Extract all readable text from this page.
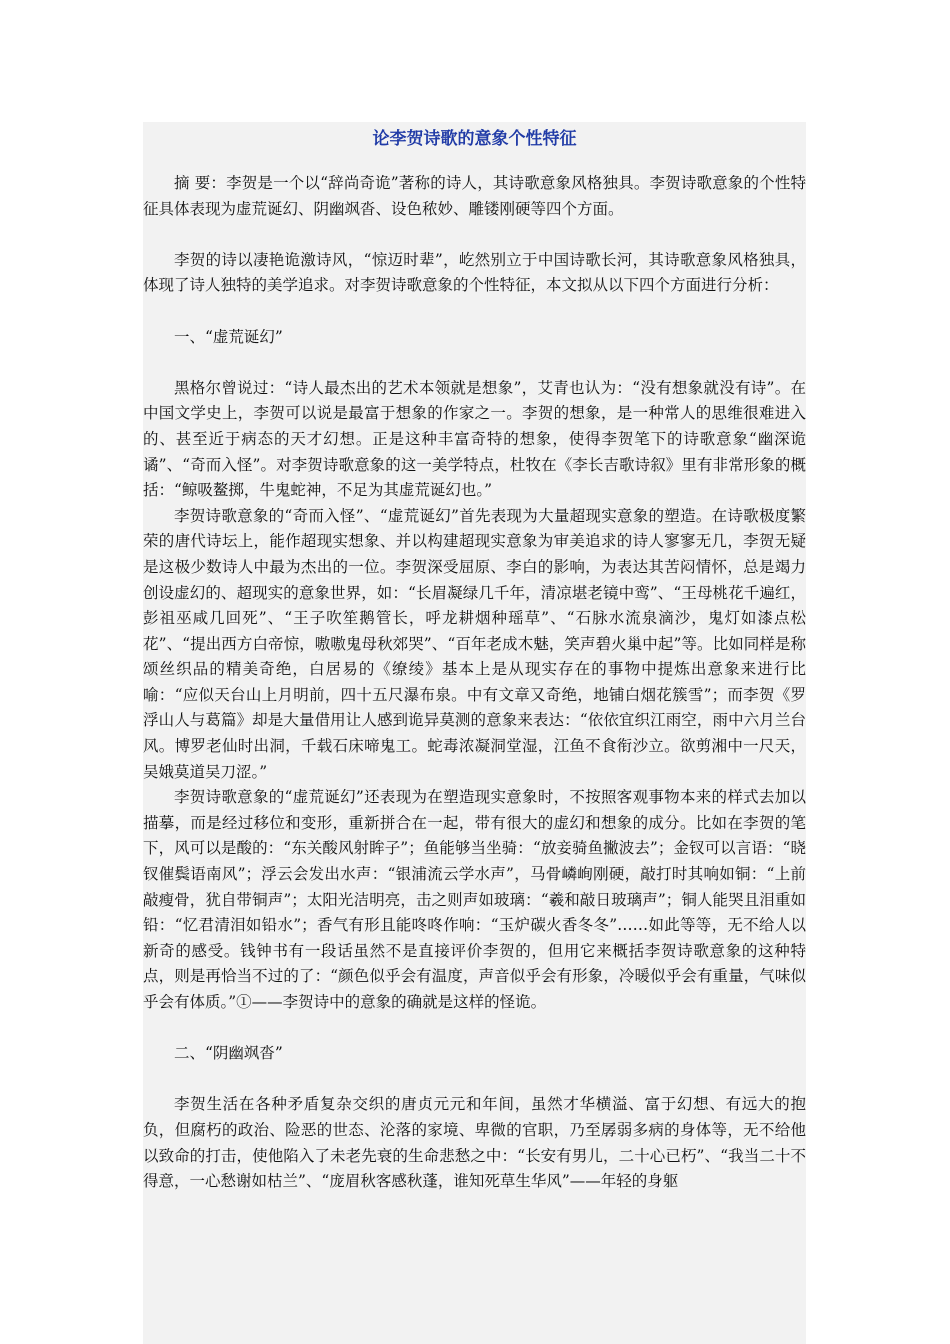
论李贺诗歌的意象个性特征

摘 要：李贺是一个以“辞尚奇诡”著称的诗人，其诗歌意象风格独具。李贺诗歌意象的个性特征具体表现为虚荒诞幻、阴幽飒沓、设色秾妙、雕镂刚硬等四个方面。

李贺的诗以凄艳诡激诗风，“惊迈时辈”，屹然别立于中国诗歌长河，其诗歌意象风格独具，体现了诗人独特的美学追求。对李贺诗歌意象的个性特征，本文拟从以下四个方面进行分析：

一、“虚荒诞幻”

黑格尔曾说过：“诗人最杰出的艺术本领就是想象”，艾青也认为：“没有想象就没有诗”。在中国文学史上，李贺可以说是最富于想象的作家之一。李贺的想象，是一种常人的思维很难进入的、甚至近于病态的天才幻想。正是这种丰富奇特的想象，使得李贺笔下的诗歌意象“幽深诡谲”、“奇而入怪”。对李贺诗歌意象的这一美学特点，杜牧在《李长吉歌诗叙》里有非常形象的概括：“鲸吸鳌掷，牛鬼蛇神，不足为其虚荒诞幻也。”

李贺诗歌意象的“奇而入怪”、“虚荒诞幻”首先表现为大量超现实意象的塑造。在诗歌极度繁荣的唐代诗坛上，能作超现实想象、并以构建超现实意象为审美追求的诗人寥寥无几，李贺无疑是这极少数诗人中最为杰出的一位。李贺深受屈原、李白的影响，为表达其苦闷情怀，总是竭力创设虚幻的、超现实的意象世界，如：“长眉凝绿几千年，清凉堪老镜中鸾”、“王母桃花千遍红，彭祖巫咸几回死”、“王子吹笙鹅管长，呼龙耕烟种瑶草”、“石脉水流泉滴沙，鬼灯如漆点松花”、“提出西方白帝惊，嗷嗷鬼母秋郊哭”、“百年老成木魅，笑声碧火巢中起”等。比如同样是称颂丝织品的精美奇绝，白居易的《缭绫》基本上是从现实存在的事物中提炼出意象来进行比喻：“应似天台山上月明前，四十五尺瀑布泉。中有文章又奇绝，地铺白烟花簇雪”；而李贺《罗浮山人与葛篇》却是大量借用让人感到诡异莫测的意象来表达：“依依宜织江雨空，雨中六月兰台风。博罗老仙时出洞，千载石床啼鬼工。蛇毒浓凝洞堂湿，江鱼不食衔沙立。欲剪湘中一尺天，吴娥莫道吴刀涩。”

李贺诗歌意象的“虚荒诞幻”还表现为在塑造现实意象时，不按照客观事物本来的样式去加以描摹，而是经过移位和变形，重新拼合在一起，带有很大的虚幻和想象的成分。比如在李贺的笔下，风可以是酸的：“东关酸风射眸子”；鱼能够当坐骑：“放妾骑鱼撇波去”；金钗可以言语：“晓钗催鬓语南风”；浮云会发出水声：“银浦流云学水声”，马骨嶙峋刚硬，敲打时其响如铜：“上前敲瘦骨，犹自带铜声”；太阳光洁明亮，击之则声如玻璃：“羲和敲日玻璃声”；铜人能哭且泪重如铅：“忆君清泪如铅水”；香气有形且能咚咚作响：“玉炉碳火香冬冬”……如此等等，无不给人以新奇的感受。钱钟书有一段话虽然不是直接评价李贺的，但用它来概括李贺诗歌意象的这种特点，则是再恰当不过的了：“颜色似乎会有温度，声音似乎会有形象，冷暖似乎会有重量，气味似乎会有体质。”①——李贺诗中的意象的确就是这样的怪诡。

二、“阴幽飒沓”

李贺生活在各种矛盾复杂交织的唐贞元元和年间，虽然才华横溢、富于幻想、有远大的抱负，但腐朽的政治、险恶的世态、沦落的家境、卑微的官职，乃至孱弱多病的身体等，无不给他以致命的打击，使他陷入了未老先衰的生命悲愁之中：“长安有男儿，二十心已朽”、“我当二十不得意，一心愁谢如枯兰”、“庞眉秋客感秋蓬，谁知死草生华风”——年轻的身躯
